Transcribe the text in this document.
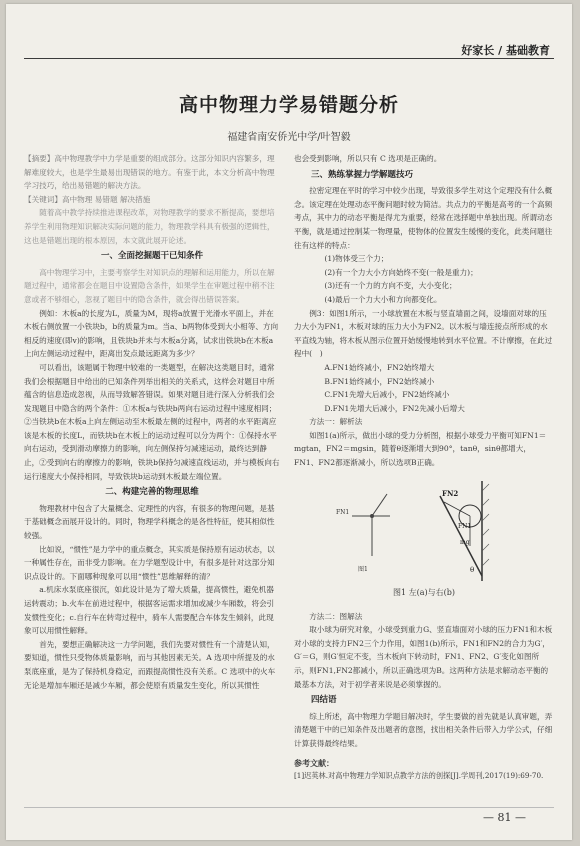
好家长 / 基础教育
高中物理力学易错题分析
福建省南安侨光中学/叶智毅

【摘要】高中物理教学中力学是重要的组成部分。这部分知识内容繁多，理解难度较大，也是学生最易出现错误的地方。有鉴于此，本文分析高中物理学习技巧，给出易错题的解决方法。

【关键词】高中物理 易错题 解决措施

随着高中教学持续推进课程改革，对物理教学的要求不断提高，要想培养学生利用物理知识解决实际问题的能力，物理教学科具有极强的逻辑性，这也是错题出现的根本原因，本文就此展开论述。

一、全面挖掘题干已知条件

高中物理学习中，主要考察学生对知识点的理解和运用能力，所以在解题过程中，通常都会在题目中设置隐含条件，如果学生在审题过程中稍不注意或者不够细心，忽视了题目中的隐含条件，就会得出错误答案。

例如：木板a的长度为L，质量为M，现将a放置于光滑水平面上，并在木板右侧放置一小铁块b，b的质量为m。当a、b两物体受到大小相等、方向相反的速度(即v)的影响，且铁块b并未与木板a分离，试求出铁块b在木板a上向左侧运动过程中，距离出发点最远距离为多少？

可以看出，该题属于物理中较难的一类题型，在解决这类题目时，通常我们会根据题目中给出的已知条件列举出相关的关系式，这样会对题目中所蕴含的信息造成忽视，从而导致解答错误。如果对题目进行深入分析我们会发现题目中隐含的两个条件：①木板a与铁块b两向右运动过程中速度相同；②当铁块b在木板a上向左侧运动至木板最左侧的过程中，两者的水平距离应该是木板的长度L，而铁块b在木板上的运动过程可以分为两个：①保持水平向右运动，受到滑动摩擦力的影响，向左侧保持匀减速运动，最终达到静止，②受到向右的摩擦力的影响，铁块b保持匀减速直线运动，并与模板向右运行速度大小保持相同，导致铁块b运动到木板最左端位置。

二、构建完善的物理思维

物理教材中包含了大量概念、定理性的内容，有很多的物理问题，是基于基础概念而展开设计的。同时，物理学科概念的是各性特征，使其相似性较强。

比如说，“惯性”是力学中的重点概念，其实质是保持原有运动状态，以一种属性存在，而非受力影响。在力学题型设计中，有很多是针对这部分知识点设计的。下面哪种现象可以用“惯性”思维解释的清？

a.机床水泵底座很沉，如此设计是为了增大质量，提高惯性，避免机器运转震动；b.火车在前进过程中，根据客运需求增加或减少车厢数，将会引发惯性变化；c.自行车在转弯过程中，骑车人需要配合车体发生倾斜，此现象可以用惯性解释。

首先，要想正确解决这一力学问题，我们先要对惯性有一个清楚认知，要知道，惯性只受物体质量影响，而与其他因素无关。A 选项中所提及的水泵底座重，是为了保持机身稳定，而跟提高惯性没有关系。C 选项中的火车无论是增加车厢还是减少车厢，都会使原有质量发生变化，所以其惯性

也会受到影响，所以只有 C 选项是正确的。

三、熟练掌握力学解题技巧

拉密定理在平时的学习中较少出现，导致很多学生对这个定理没有什么概念。该定理在处理动态平衡问题时较为简洁。共点力的平衡是高考的一个高频考点，其中力的动态平衡是得尤为重要，经常在选择题中单独出现。所谓动态平衡，就是通过控制某一物理量，使物体的位置发生缓慢的变化，此类问题往往有这样的特点：

(1)物体受三个力；

(2)有一个力大小方向始终不变(一般是重力)；

(3)还有一个力的方向不变，大小变化；

(4)最后一个力大小和方向都变化。

例3：如图1所示，一小球放置在木板与竖直墙面之间，设墙面对球的压力大小为FN1，木板对球的压力大小为FN2。以木板与墙连接点所形成的水平直线为轴，将木板从图示位置开始缓慢地转到水平位置。不计摩擦，在此过程中(　)

A.FN1始终减小，FN2始终增大

B.FN1始终减小，FN2始终减小

C.FN1先增大后减小，FN2始终减小

D.FN1先增大后减小，FN2先减小后增大

方法一：解析法

如图1(a)所示，做出小球的受力分析图，根据小球受力平衡可知FN1＝mgtan，FN2＝mgsin，随着θ逐渐增大到90°，tanθ，sinθ都增大，FN1、FN2都逐渐减小，所以选项B正确。

FN1
图1
FN2
mg
θ
FN1
图1 左(a)与右(b)

方法二：图解法

取小球为研究对象，小球受到重力G、竖直墙面对小球的压力FN1和木板对小球的支持力FN2三个力作用，如图1(b)所示，FN1和FN2的合力为G′，G′＝G，则G′恒定不变，当木板向下转动时，FN1、FN2、G′变化如图所示，则FN1,FN2都减小，所以正确选项为B。这两种方法是求解动态平衡的最基本方法，对于初学者来说是必须掌握的。

四结语

综上所述，高中物理力学题目解决时，学生要做的首先就是认真审题，弄清楚题干中的已知条件及出题者的意图，找出相关条件后带入力学公式，仔细计算获得最终结果。

参考文献：

[1]迟英林.对高中物理力学知识点教学方法的创探[J].学周刊,2017(19):69-70.

— 81 —
